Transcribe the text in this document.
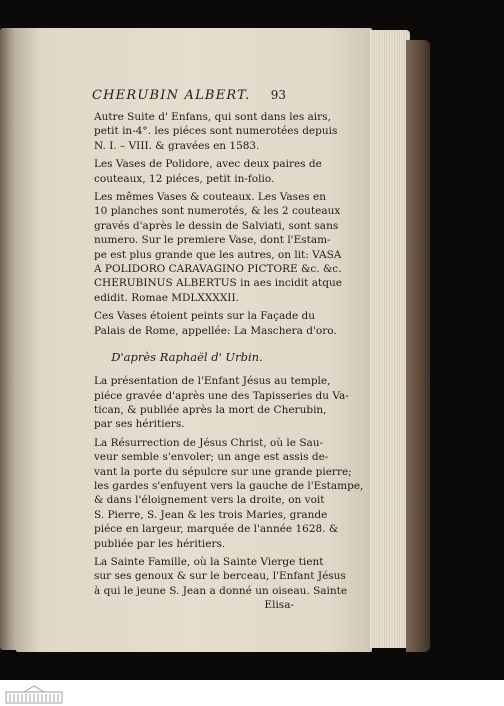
CHERUBIN ALBERT. 93
Autre Suite d' Enfans, qui sont dans les airs,
petit in-4°. les piéces sont numerotées depuis
N. I. – VIII. & gravées en 1583.
Les Vases de Polidore, avec deux paires de
couteaux, 12 piéces, petit in-folio.
Les mêmes Vases & couteaux. Les Vases en
10 planches sont numerotés, & les 2 couteaux
gravés d'après le dessin de Salviati, sont sans
numero. Sur le premiere Vase, dont l'Estam-
pe est plus grande que les autres, on lit: VASA
A POLIDORO CARAVAGINO PICTORE &c. &c.
CHERUBINUS ALBERTUS in aes incidit atque
edidit. Romae MDLXXXXII.
Ces Vases étoient peints sur la Façade du
Palais de Rome, appellée: La Maschera d'oro.
D'après Raphaël d' Urbin.
La présentation de l'Enfant Jésus au temple,
piéce gravée d'après une des Tapisseries du Va-
tican, & publiée après la mort de Cherubin,
par ses héritiers.
La Résurrection de Jésus Christ, où le Sau-
veur semble s'envoler; un ange est assis de-
vant la porte du sépulcre sur une grande pierre;
les gardes s'enfuyent vers la gauche de l'Estampe,
& dans l'éloignement vers la droite, on voit
S. Pierre, S. Jean & les trois Maries, grande
piéce en largeur, marquée de l'année 1628. &
publiée par les héritiers.
La Sainte Famille, où la Sainte Vierge tient
sur ses genoux & sur le berceau, l'Enfant Jésus
à qui le jeune S. Jean a donné un oiseau. Sainte
Elisa-
